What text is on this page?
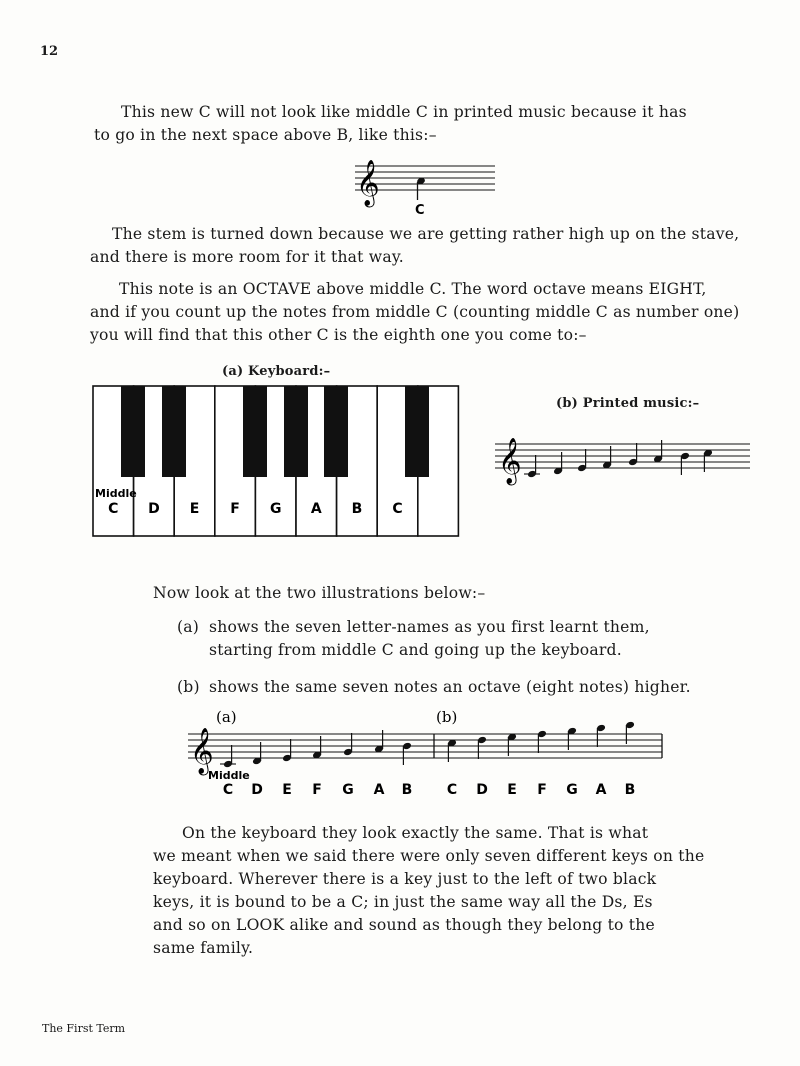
12
This new C will not look like middle C in printed music because it has
to go in the next space above B, like this:–
𝄞
C
The stem is turned down because we are getting rather high up on the stave,
and there is more room for it that way.
This note is an OCTAVE above middle C. The word octave means EIGHT,
and if you count up the notes from middle C (counting middle C as number one)
you will find that this other C is the eighth one you come to:–
(a) Keyboard:–
Middle
C D E F G A B C
(b) Printed music:–
𝄞
Now look at the two illustrations below:–
(a) shows the seven letter-names as you first learnt them,
starting from middle C and going up the keyboard.
(b) shows the same seven notes an octave (eight notes) higher.
𝄞
(a)	(b)
Middle
C D E F G A B C D E F G A B
On the keyboard they look exactly the same. That is what
we meant when we said there were only seven different keys on the
keyboard. Wherever there is a key just to the left of two black
keys, it is bound to be a C; in just the same way all the Ds, Es
and so on LOOK alike and sound as though they belong to the
same family.
The First Term
